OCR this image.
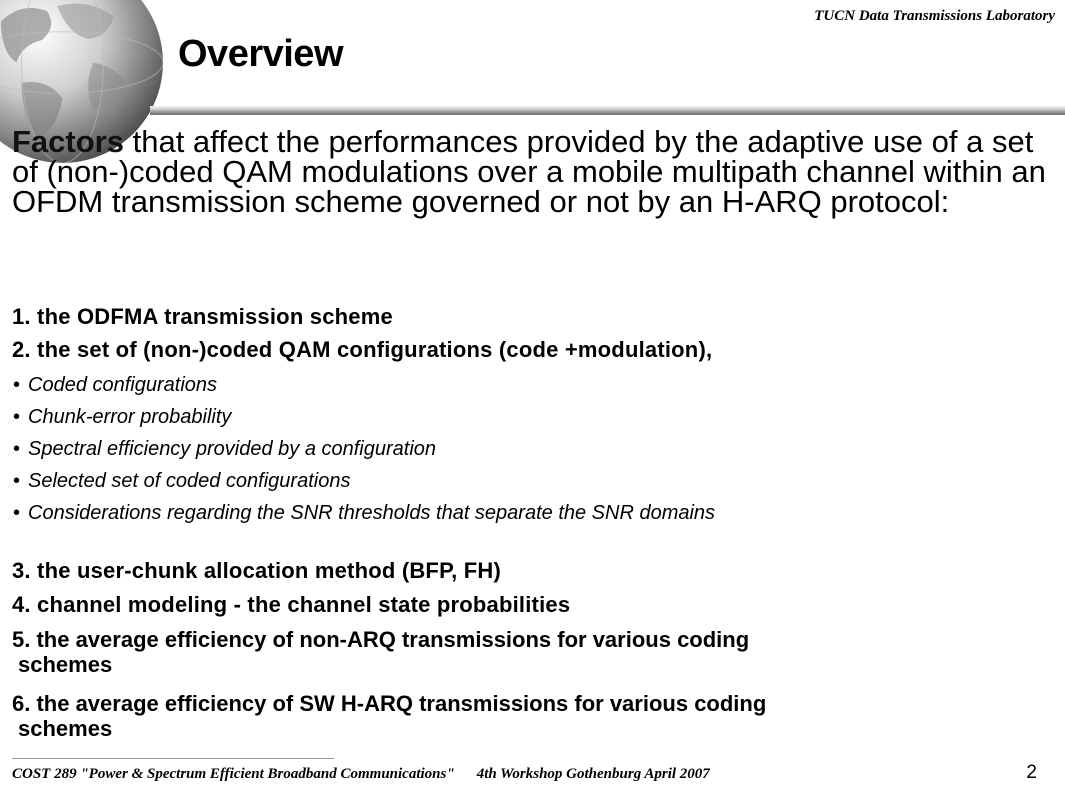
TUCN Data Transmissions Laboratory
Overview

Factors that affect the performances provided by the adaptive use of a set of (non-)coded QAM modulations over a mobile multipath channel within an OFDM transmission scheme governed or not by an H-ARQ protocol:

1. the ODFMA transmission scheme
2. the set of (non-)coded QAM configurations (code +modulation),
• Coded configurations
• Chunk-error probability
• Spectral efficiency provided by a configuration
• Selected set of coded configurations
• Considerations regarding the SNR thresholds that separate the SNR domains
3. the user-chunk allocation method (BFP, FH)
4. channel modeling - the channel state probabilities
5. the average efficiency of non-ARQ transmissions for various coding
schemes
6. the average efficiency of SW H-ARQ transmissions for various coding
schemes
COST 289 "Power & Spectrum Efficient Broadband Communications" 4th Workshop Gothenburg April 2007	2
